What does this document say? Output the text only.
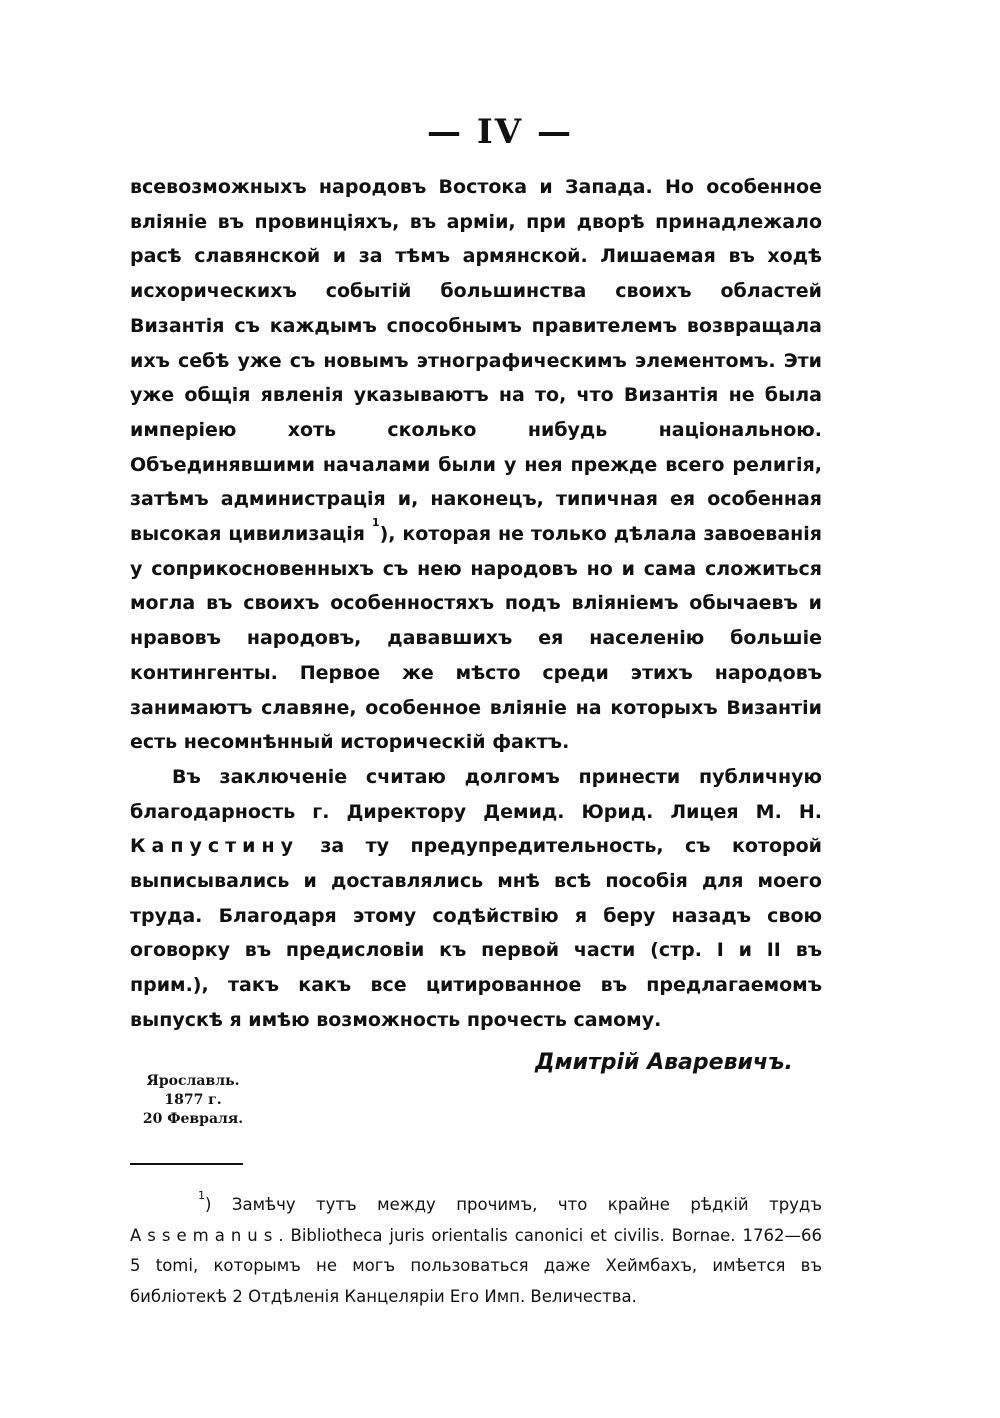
— IV —

всевозможныхъ народовъ Востока и Запада. Но особенное вліяніе въ провинціяхъ, въ арміи, при дворѣ принадлежало расѣ славянской и за тѣмъ армянской. Лишаемая въ ходѣ исхорическихъ событій большинства своихъ областей Византія съ каждымъ способнымъ правителемъ возвращала ихъ себѣ уже съ новымъ этнографическимъ элементомъ. Эти уже общія явленія указываютъ на то, что Византія не была имперіею хоть сколько нибудь національною. Объединявшими началами были у нея прежде всего религія, затѣмъ администрація и, наконецъ, типичная ея особенная высокая цивилизація $^1$), которая не только дѣлала завоеванія у соприкосновенныхъ съ нею народовъ но и сама сложиться могла въ своихъ особенностяхъ подъ вліяніемъ обычаевъ и нравовъ народовъ, дававшихъ ея населенію большіе контингенты. Первое же мѣсто среди этихъ народовъ занимаютъ славяне, особенное вліяніе на которыхъ Византіи есть несомнѣнный историческій фактъ.

Въ заключеніе считаю долгомъ принести публичную благодарность г. Директору Демид. Юрид. Лицея М. Н. Капустину за ту предупредительность, съ которой выписывались и доставлялись мнѣ всѣ пособія для моего труда. Благодаря этому содѣйствію я беру назадъ свою оговорку въ предисловіи къ первой части (стр. I и II въ прим.), такъ какъ все цитированное въ предлагаемомъ выпускѣ я имѣю возможность прочесть самому.

Дмитрій Аваревичъ.
Ярославль.
1877 г.
20 Февраля.
$^1$) Замѣчу тутъ между прочимъ, что крайне рѣдкій трудъ Assemanus. Bibliotheca juris orientalis canonici et civilis. Bornae. 1762—66 5 tomi, которымъ не могъ пользоваться даже Хеймбахъ, имѣется въ библіотекѣ 2 Отдѣленія Канцеляріи Его Имп. Величества.
